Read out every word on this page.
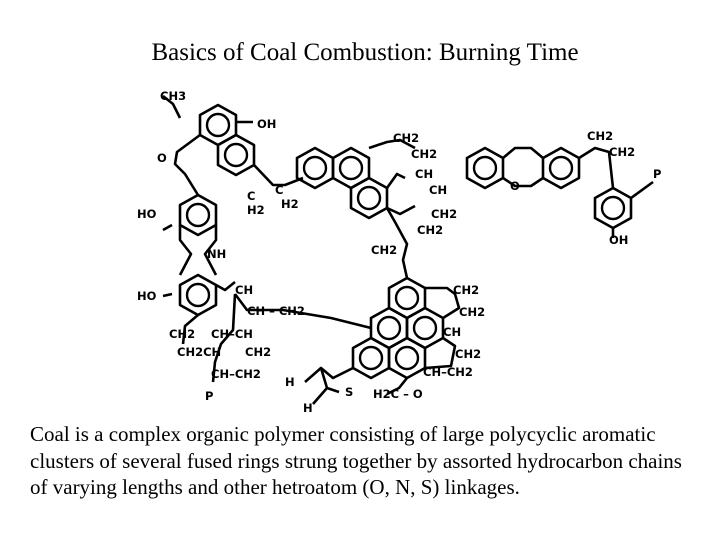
Basics of Coal Combustion: Burning Time
CH3
OH
O
HO
NH
HO	CH
CH – CH2
CH2 CH–CH
CH2CH CH2
CH–CH2
P
C
H2
C
H2
CH2
CH2
CH
CH
CH2
CH2
CH2
O
CH2
CH2
P
OH
CH2
CH2
CH
CH2
CH–CH2
H
H
S H2C – O
Coal is a complex organic polymer consisting of large polycyclic aromatic clusters of several fused rings strung together by assorted hydrocarbon chains of varying lengths and other hetroatom (O, N, S) linkages.
